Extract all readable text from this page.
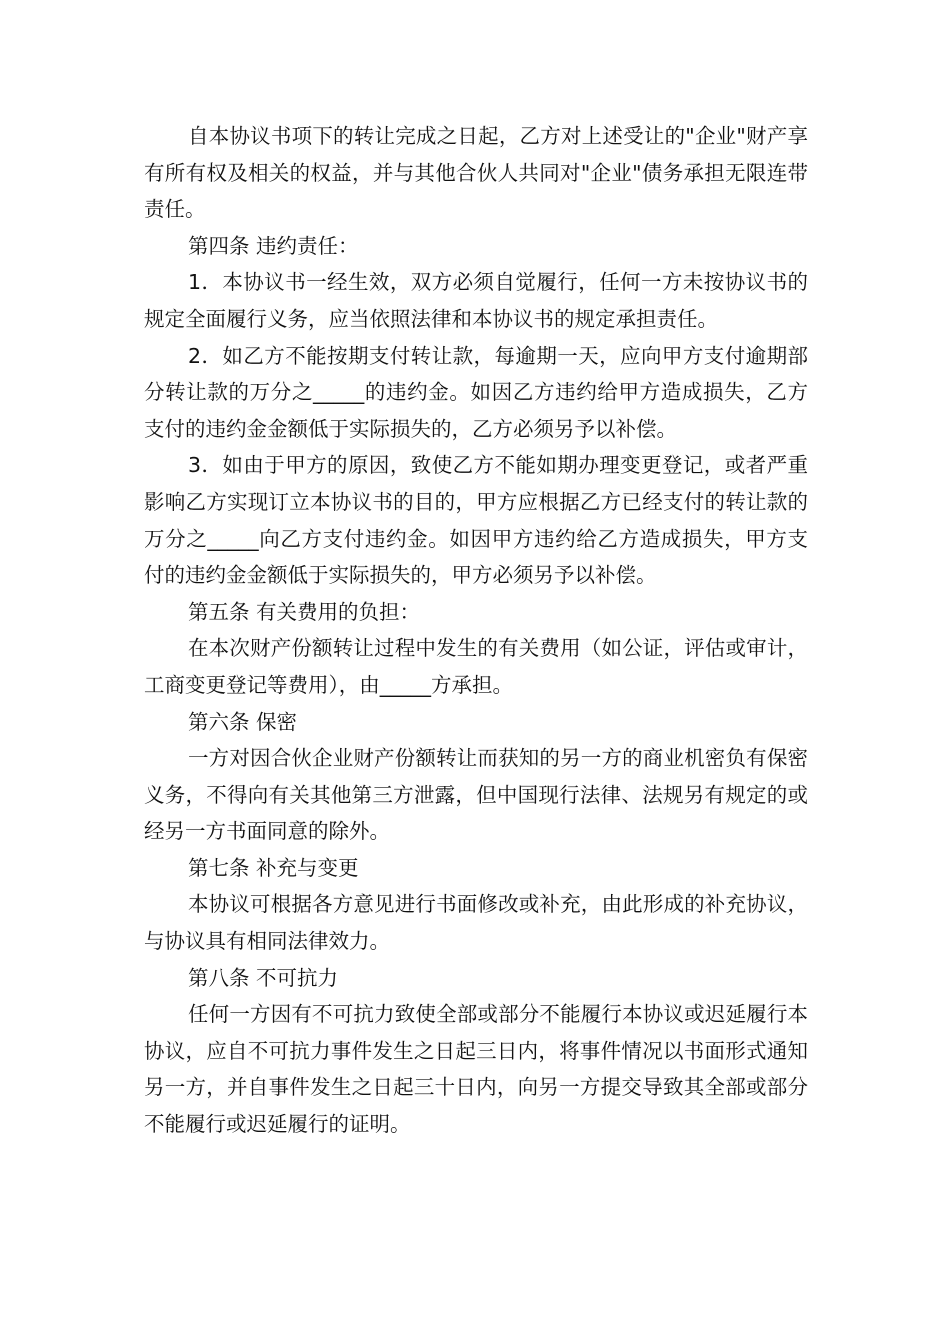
自本协议书项下的转让完成之日起，乙方对上述受让的"企业"财产享有所有权及相关的权益，并与其他合伙人共同对"企业"债务承担无限连带责任。

第四条 违约责任：

1．本协议书一经生效，双方必须自觉履行，任何一方未按协议书的规定全面履行义务，应当依照法律和本协议书的规定承担责任。

2．如乙方不能按期支付转让款，每逾期一天，应向甲方支付逾期部分转让款的万分之_____的违约金。如因乙方违约给甲方造成损失，乙方支付的违约金金额低于实际损失的，乙方必须另予以补偿。

3．如由于甲方的原因，致使乙方不能如期办理变更登记，或者严重影响乙方实现订立本协议书的目的，甲方应根据乙方已经支付的转让款的万分之_____向乙方支付违约金。如因甲方违约给乙方造成损失，甲方支付的违约金金额低于实际损失的，甲方必须另予以补偿。

第五条 有关费用的负担：

在本次财产份额转让过程中发生的有关费用（如公证，评估或审计，工商变更登记等费用），由_____方承担。

第六条 保密

一方对因合伙企业财产份额转让而获知的另一方的商业机密负有保密义务，不得向有关其他第三方泄露，但中国现行法律、法规另有规定的或经另一方书面同意的除外。

第七条 补充与变更

本协议可根据各方意见进行书面修改或补充，由此形成的补充协议，与协议具有相同法律效力。

第八条 不可抗力

任何一方因有不可抗力致使全部或部分不能履行本协议或迟延履行本协议，应自不可抗力事件发生之日起三日内，将事件情况以书面形式通知另一方，并自事件发生之日起三十日内，向另一方提交导致其全部或部分不能履行或迟延履行的证明。
